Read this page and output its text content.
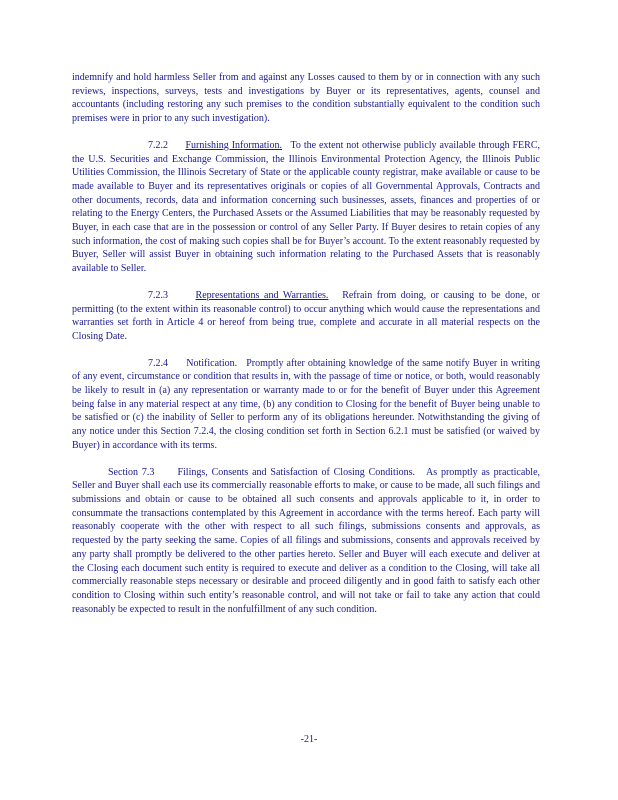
indemnify and hold harmless Seller from and against any Losses caused to them by or in connection with any such reviews, inspections, surveys, tests and investigations by Buyer or its representatives, agents, counsel and accountants (including restoring any such premises to the condition substantially equivalent to the condition such premises were in prior to any such investigation).

7.2.2 Furnishing Information. To the extent not otherwise publicly available through FERC, the U.S. Securities and Exchange Commission, the Illinois Environmental Protection Agency, the Illinois Public Utilities Commission, the Illinois Secretary of State or the applicable county registrar, make available or cause to be made available to Buyer and its representatives originals or copies of all Governmental Approvals, Contracts and other documents, records, data and information concerning such businesses, assets, finances and properties of or relating to the Energy Centers, the Purchased Assets or the Assumed Liabilities that may be reasonably requested by Buyer, in each case that are in the possession or control of any Seller Party. If Buyer desires to retain copies of any such information, the cost of making such copies shall be for Buyer’s account. To the extent reasonably requested by Buyer, Seller will assist Buyer in obtaining such information relating to the Purchased Assets that is reasonably available to Seller.

7.2.3	Representations and Warranties. Refrain from doing, or causing to be done, or permitting (to the extent within its reasonable control) to occur anything which would cause the representations and warranties set forth in Article 4 or hereof from being true, complete and accurate in all material respects on the Closing Date.

7.2.4 Notification. Promptly after obtaining knowledge of the same notify Buyer in writing of any event, circumstance or condition that results in, with the passage of time or notice, or both, would reasonably be likely to result in (a) any representation or warranty made to or for the benefit of Buyer under this Agreement being false in any material respect at any time, (b) any condition to Closing for the benefit of Buyer being unable to be satisfied or (c) the inability of Seller to perform any of its obligations hereunder. Notwithstanding the giving of any notice under this Section 7.2.4, the closing condition set forth in Section 6.2.1 must be satisfied (or waived by Buyer) in accordance with its terms.

Section 7.3 Filings, Consents and Satisfaction of Closing Conditions. As promptly as practicable, Seller and Buyer shall each use its commercially reasonable efforts to make, or cause to be made, all such filings and submissions and obtain or cause to be obtained all such consents and approvals applicable to it, in order to consummate the transactions contemplated by this Agreement in accordance with the terms hereof. Each party will reasonably cooperate with the other with respect to all such filings, submissions consents and approvals, as requested by the party seeking the same. Copies of all filings and submissions, consents and approvals received by any party shall promptly be delivered to the other parties hereto. Seller and Buyer will each execute and deliver at the Closing each document such entity is required to execute and deliver as a condition to the Closing, will take all commercially reasonable steps necessary or desirable and proceed diligently and in good faith to satisfy each other condition to Closing within such entity’s reasonable control, and will not take or fail to take any action that could reasonably be expected to result in the nonfulfillment of any such condition.

-21-
